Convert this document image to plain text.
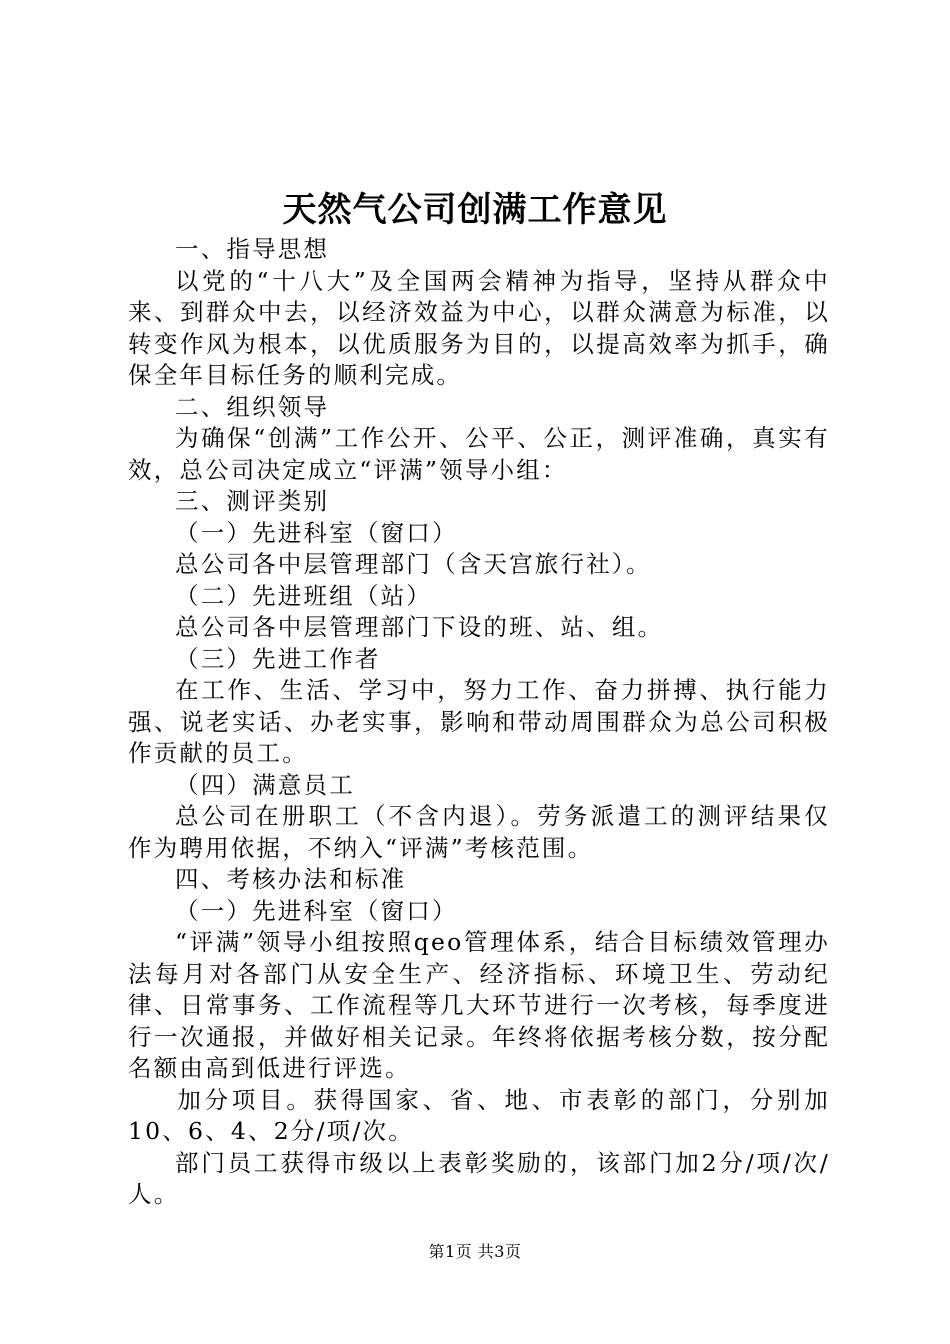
天然气公司创满工作意见

一、指导思想

以党的“十八大”及全国两会精神为指导，坚持从群众中来、到群众中去，以经济效益为中心，以群众满意为标准，以转变作风为根本，以优质服务为目的，以提高效率为抓手，确保全年目标任务的顺利完成。

二、组织领导

为确保“创满”工作公开、公平、公正，测评准确，真实有效，总公司决定成立“评满”领导小组：

三、测评类别

（一）先进科室（窗口）

总公司各中层管理部门（含天宫旅行社）。

（二）先进班组（站）

总公司各中层管理部门下设的班、站、组。

（三）先进工作者

在工作、生活、学习中，努力工作、奋力拼搏、执行能力强、说老实话、办老实事，影响和带动周围群众为总公司积极作贡献的员工。

（四）满意员工

总公司在册职工（不含内退）。劳务派遣工的测评结果仅作为聘用依据，不纳入“评满”考核范围。

四、考核办法和标准

（一）先进科室（窗口）

“评满”领导小组按照qeo管理体系，结合目标绩效管理办法每月对各部门从安全生产、经济指标、环境卫生、劳动纪律、日常事务、工作流程等几大环节进行一次考核，每季度进行一次通报，并做好相关记录。年终将依据考核分数，按分配名额由高到低进行评选。

加分项目。获得国家、省、地、市表彰的部门，分别加10、6、4、2分/项/次。

部门员工获得市级以上表彰奖励的，该部门加2分/项/次/人。

第1页 共3页
